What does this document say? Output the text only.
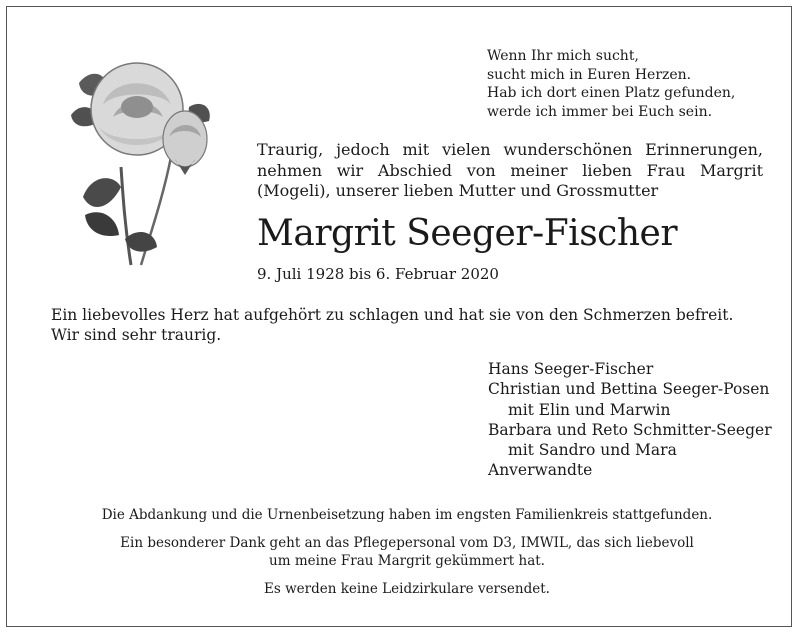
Wenn Ihr mich sucht,
sucht mich in Euren Herzen.
Hab ich dort einen Platz gefunden,
werde ich immer bei Euch sein.
Traurig, jedoch mit vielen wunderschönen Erinnerungen, nehmen wir Abschied von meiner lieben Frau Margrit (Mogeli), unserer lieben Mutter und Grossmutter
Margrit Seeger-Fischer
9. Juli 1928 bis 6. Februar 2020
Ein liebevolles Herz hat aufgehört zu schlagen und hat sie von den Schmerzen befreit.
Wir sind sehr traurig.
Hans Seeger-Fischer
Christian und Bettina Seeger-Posen
mit Elin und Marwin
Barbara und Reto Schmitter-Seeger
mit Sandro und Mara
Anverwandte
Die Abdankung und die Urnenbeisetzung haben im engsten Familienkreis stattgefunden.
Ein besonderer Dank geht an das Pflegepersonal vom D3, IMWIL, das sich liebevoll
um meine Frau Margrit gekümmert hat.
Es werden keine Leidzirkulare versendet.
